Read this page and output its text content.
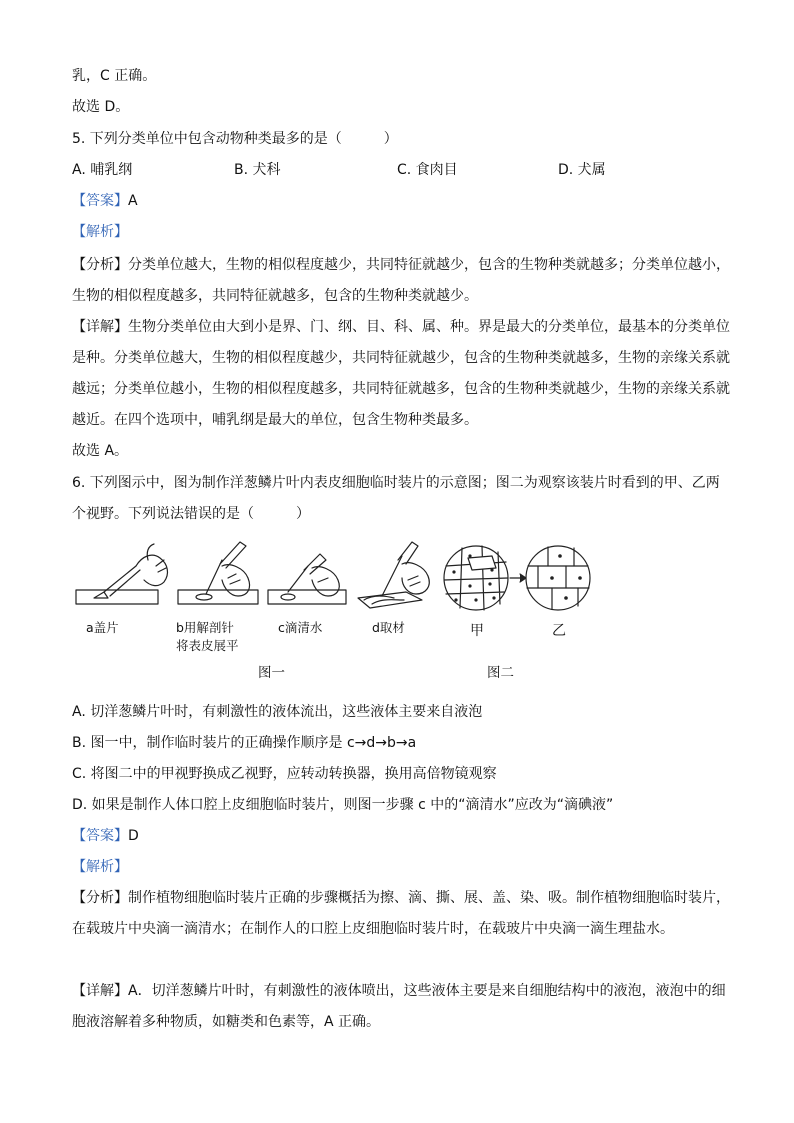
乳，C 正确。
故选 D。
5. 下列分类单位中包含动物种类最多的是（　　　）
A. 哺乳纲	B. 犬科	C. 食肉目	D. 犬属
【答案】A
【解析】
【分析】分类单位越大，生物的相似程度越少，共同特征就越少，包含的生物种类就越多；分类单位越小，生物的相似程度越多，共同特征就越多，包含的生物种类就越少。
【详解】生物分类单位由大到小是界、门、纲、目、科、属、种。界是最大的分类单位，最基本的分类单位是种。分类单位越大，生物的相似程度越少，共同特征就越少，包含的生物种类就越多，生物的亲缘关系就越远；分类单位越小，生物的相似程度越多，共同特征就越多，包含的生物种类就越少，生物的亲缘关系就越近。在四个选项中，哺乳纲是最大的单位，包含生物种类最多。
故选 A。
6. 下列图示中，图为制作洋葱鳞片叶内表皮细胞临时装片的示意图；图二为观察该装片时看到的甲、乙两个视野。下列说法错误的是（　　　）
a盖片	b用解剖针
将表皮展平
c滴清水	d取材	甲	乙
图一	图二
A. 切洋葱鳞片叶时，有刺激性的液体流出，这些液体主要来自液泡
B. 图一中，制作临时装片的正确操作顺序是 c→d→b→a
C. 将图二中的甲视野换成乙视野，应转动转换器，换用高倍物镜观察
D. 如果是制作人体口腔上皮细胞临时装片，则图一步骤 c 中的“滴清水”应改为“滴碘液”
【答案】D
【解析】
【分析】制作植物细胞临时装片正确的步骤概括为擦、滴、撕、展、盖、染、吸。制作植物细胞临时装片，在载玻片中央滴一滴清水；在制作人的口腔上皮细胞临时装片时，在载玻片中央滴一滴生理盐水。
【详解】A．切洋葱鳞片叶时，有刺激性的液体喷出，这些液体主要是来自细胞结构中的液泡，液泡中的细胞液溶解着多种物质，如糖类和色素等，A 正确。
